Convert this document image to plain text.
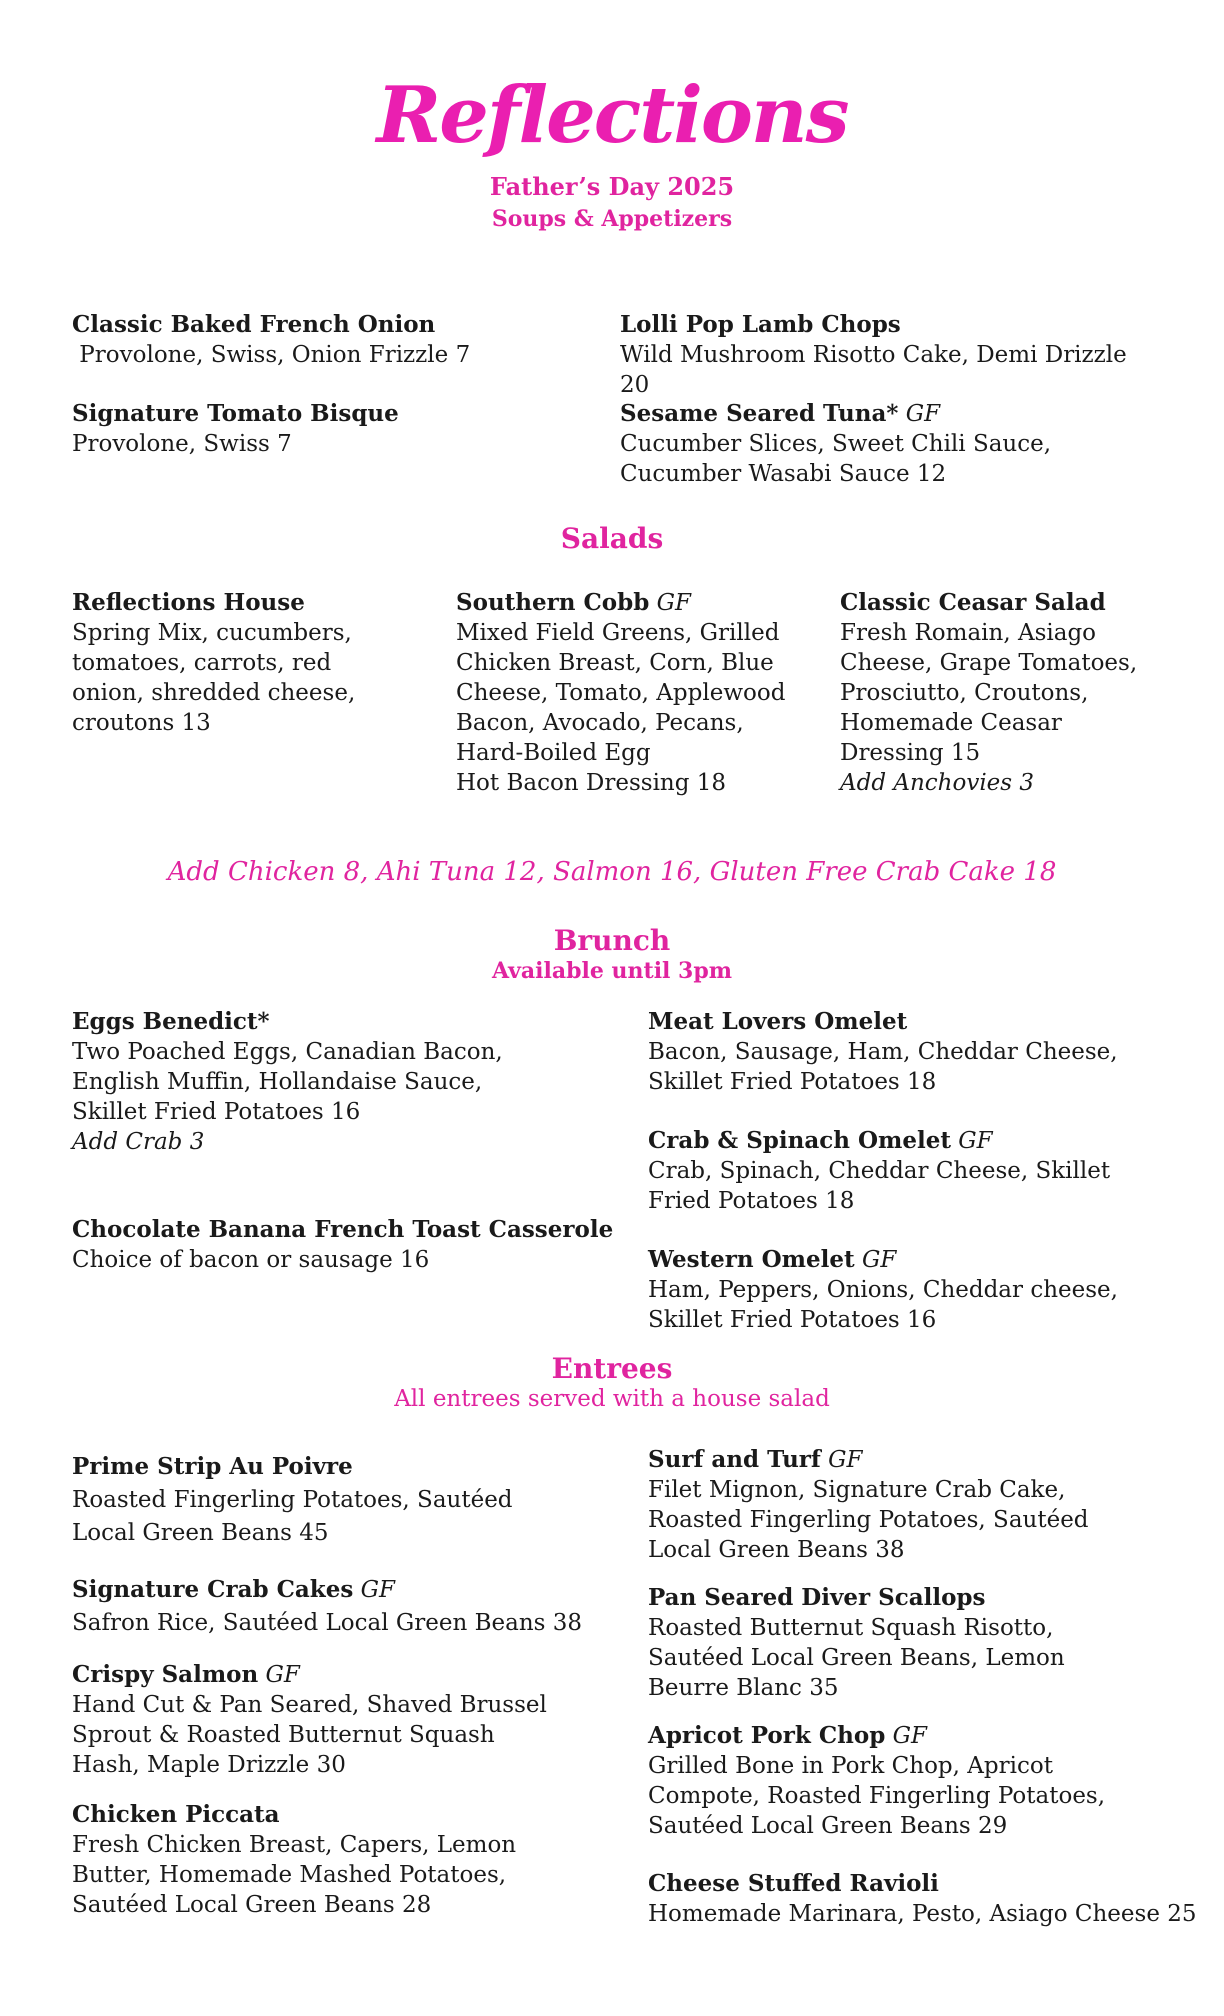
Reflections
Father’s Day 2025
Soups & Appetizers
Classic Baked French Onion
Provolone, Swiss, Onion Frizzle 7
Signature Tomato Bisque
Provolone, Swiss 7
Lolli Pop Lamb Chops
Wild Mushroom Risotto Cake, Demi Drizzle 20
Sesame Seared Tuna* GF
Cucumber Slices, Sweet Chili Sauce, Cucumber Wasabi Sauce 12
Salads
Reflections House
Spring Mix, cucumbers, tomatoes, carrots, red onion, shredded cheese, croutons 13
Southern Cobb GF
Mixed Field Greens, Grilled Chicken Breast, Corn, Blue Cheese, Tomato, Applewood Bacon, Avocado, Pecans, Hard-Boiled Egg
Hot Bacon Dressing 18
Classic Ceasar Salad
Fresh Romain, Asiago Cheese, Grape Tomatoes, Prosciutto, Croutons, Homemade Ceasar Dressing 15
Add Anchovies 3
Add Chicken 8, Ahi Tuna 12, Salmon 16, Gluten Free Crab Cake 18
Brunch
Available until 3pm
Eggs Benedict*
Two Poached Eggs, Canadian Bacon, English Muffin, Hollandaise Sauce, Skillet Fried Potatoes 16
Add Crab 3
Chocolate Banana French Toast Casserole
Choice of bacon or sausage 16
Meat Lovers Omelet
Bacon, Sausage, Ham, Cheddar Cheese, Skillet Fried Potatoes 18
Crab & Spinach Omelet GF
Crab, Spinach, Cheddar Cheese, Skillet Fried Potatoes 18
Western Omelet GF
Ham, Peppers, Onions, Cheddar cheese, Skillet Fried Potatoes 16
Entrees
All entrees served with a house salad
Prime Strip Au Poivre
Roasted Fingerling Potatoes, Sautéed Local Green Beans 45
Signature Crab Cakes GF
Safron Rice, Sautéed Local Green Beans 38
Crispy Salmon GF
Hand Cut & Pan Seared, Shaved Brussel Sprout & Roasted Butternut Squash Hash, Maple Drizzle 30
Chicken Piccata
Fresh Chicken Breast, Capers, Lemon Butter, Homemade Mashed Potatoes, Sautéed Local Green Beans 28
Surf and Turf GF
Filet Mignon, Signature Crab Cake, Roasted Fingerling Potatoes, Sautéed Local Green Beans 38
Pan Seared Diver Scallops
Roasted Butternut Squash Risotto, Sautéed Local Green Beans, Lemon Beurre Blanc 35
Apricot Pork Chop GF
Grilled Bone in Pork Chop, Apricot Compote, Roasted Fingerling Potatoes, Sautéed Local Green Beans 29
Cheese Stuffed Ravioli
Homemade Marinara, Pesto, Asiago Cheese 25
